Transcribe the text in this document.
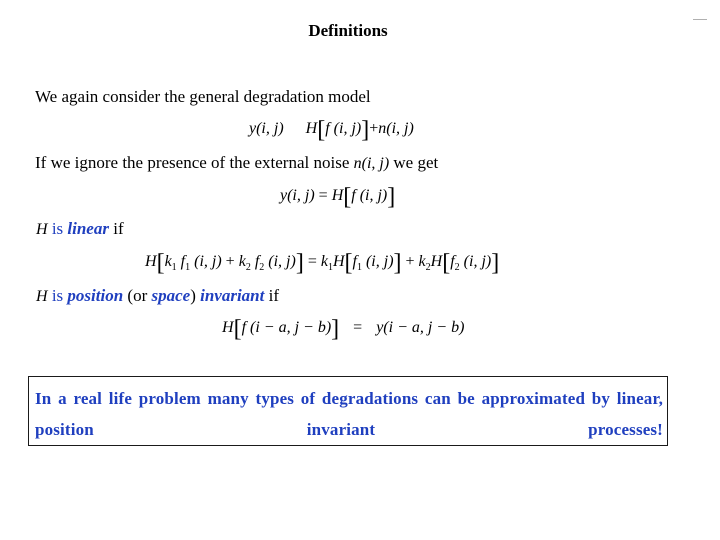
Definitions
We again consider the general degradation model
y(i, j) H[f (i, j)]+n(i, j)
If we ignore the presence of the external noise n(i, j) we get
y(i, j) = H[f (i, j)]
H is linear if
$H[k_1$ $f_1$ (i, $j) + k_2$ $f_2$ (i, $j)] = k_1H[f_1$ (i, $j)] + k_2H[f_2$ (i, j)]
H is position (or space) invariant if
H[f (i − a, j − b)] = y(i − a, j − b)
In a real life problem many types of degradations can be approximated by linear, position invariant processes!
